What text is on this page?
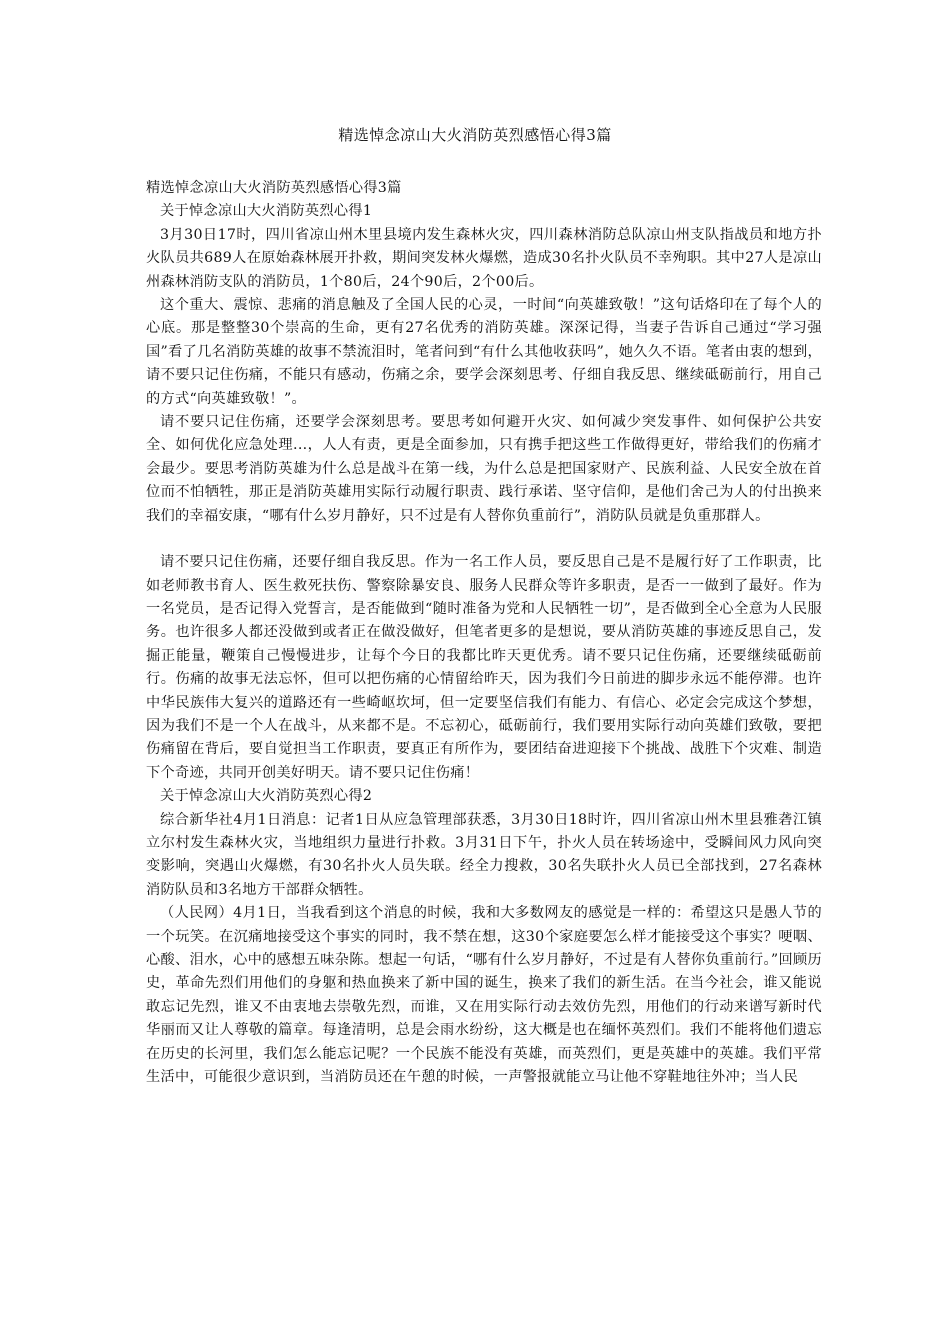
精选悼念凉山大火消防英烈感悟心得3篇

精选悼念凉山大火消防英烈感悟心得3篇

关于悼念凉山大火消防英烈心得1

3月30日17时，四川省凉山州木里县境内发生森林火灾，四川森林消防总队凉山州支队指战员和地方扑火队员共689人在原始森林展开扑救，期间突发林火爆燃，造成30名扑火队员不幸殉职。其中27人是凉山州森林消防支队的消防员，1个80后，24个90后，2个00后。

这个重大、震惊、悲痛的消息触及了全国人民的心灵，一时间“向英雄致敬！”这句话烙印在了每个人的心底。那是整整30个崇高的生命，更有27名优秀的消防英雄。深深记得，当妻子告诉自己通过“学习强国”看了几名消防英雄的故事不禁流泪时，笔者问到“有什么其他收获吗”，她久久不语。笔者由衷的想到，请不要只记住伤痛，不能只有感动，伤痛之余，要学会深刻思考、仔细自我反思、继续砥砺前行，用自己的方式“向英雄致敬！”。

请不要只记住伤痛，还要学会深刻思考。要思考如何避开火灾、如何减少突发事件、如何保护公共安全、如何优化应急处理...，人人有责，更是全面参加，只有携手把这些工作做得更好，带给我们的伤痛才会最少。要思考消防英雄为什么总是战斗在第一线，为什么总是把国家财产、民族利益、人民安全放在首位而不怕牺牲，那正是消防英雄用实际行动履行职责、践行承诺、坚守信仰，是他们舍己为人的付出换来我们的幸福安康，“哪有什么岁月静好，只不过是有人替你负重前行”，消防队员就是负重那群人。

请不要只记住伤痛，还要仔细自我反思。作为一名工作人员，要反思自己是不是履行好了工作职责，比如老师教书育人、医生救死扶伤、警察除暴安良、服务人民群众等许多职责，是否一一做到了最好。作为一名党员，是否记得入党誓言，是否能做到“随时准备为党和人民牺牲一切”，是否做到全心全意为人民服务。也许很多人都还没做到或者正在做没做好，但笔者更多的是想说，要从消防英雄的事迹反思自己，发掘正能量，鞭策自己慢慢进步，让每个今日的我都比昨天更优秀。请不要只记住伤痛，还要继续砥砺前行。伤痛的故事无法忘怀，但可以把伤痛的心情留给昨天，因为我们今日前进的脚步永远不能停滞。也许中华民族伟大复兴的道路还有一些崎岖坎坷，但一定要坚信我们有能力、有信心、必定会完成这个梦想，因为我们不是一个人在战斗，从来都不是。不忘初心，砥砺前行，我们要用实际行动向英雄们致敬，要把伤痛留在背后，要自觉担当工作职责，要真正有所作为，要团结奋进迎接下个挑战、战胜下个灾难、制造下个奇迹，共同开创美好明天。请不要只记住伤痛！

关于悼念凉山大火消防英烈心得2

综合新华社4月1日消息：记者1日从应急管理部获悉，3月30日18时许，四川省凉山州木里县雅砻江镇立尔村发生森林火灾，当地组织力量进行扑救。3月31日下午，扑火人员在转场途中，受瞬间风力风向突变影响，突遇山火爆燃，有30名扑火人员失联。经全力搜救，30名失联扑火人员已全部找到，27名森林消防队员和3名地方干部群众牺牲。

（人民网）4月1日，当我看到这个消息的时候，我和大多数网友的感觉是一样的：希望这只是愚人节的一个玩笑。在沉痛地接受这个事实的同时，我不禁在想，这30个家庭要怎么样才能接受这个事实？哽咽、心酸、泪水，心中的感想五味杂陈。想起一句话，“哪有什么岁月静好，不过是有人替你负重前行。”回顾历史，革命先烈们用他们的身躯和热血换来了新中国的诞生，换来了我们的新生活。在当今社会，谁又能说敢忘记先烈，谁又不由衷地去崇敬先烈，而谁，又在用实际行动去效仿先烈，用他们的行动来谱写新时代华丽而又让人尊敬的篇章。每逢清明，总是会雨水纷纷，这大概是也在缅怀英烈们。我们不能将他们遗忘在历史的长河里，我们怎么能忘记呢？一个民族不能没有英雄，而英烈们，更是英雄中的英雄。我们平常生活中，可能很少意识到，当消防员还在午憩的时候，一声警报就能立马让他不穿鞋地往外冲；当人民
